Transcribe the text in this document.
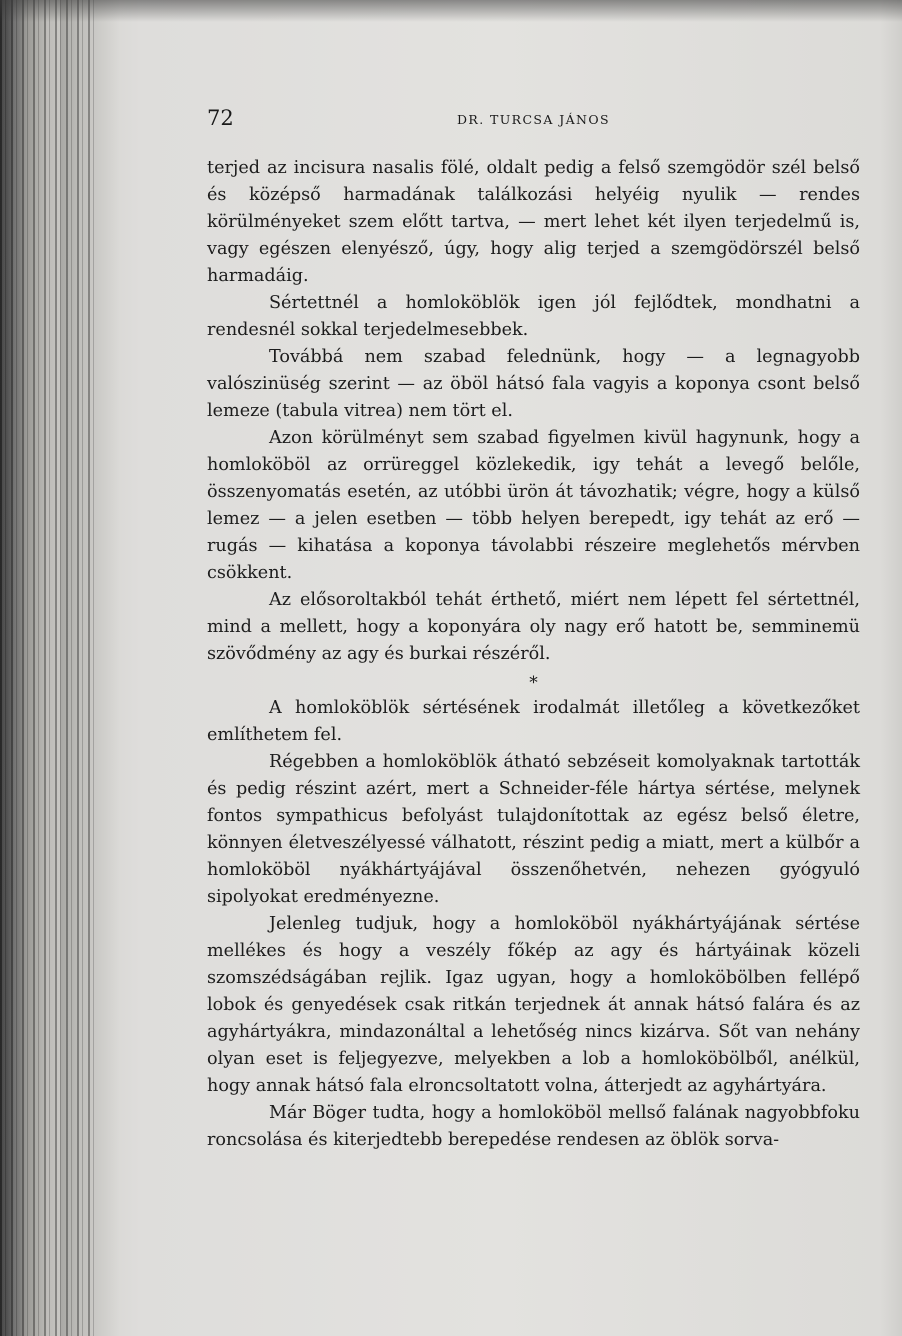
72	DR. TURCSA JÁNOS

terjed az incisura nasalis fölé, oldalt pedig a felső szemgödör szél belső és középső harmadának találkozási helyéig nyulik — rendes körülményeket szem előtt tartva, — mert lehet két ilyen terjedelmű is, vagy egészen elenyésző, úgy, hogy alig terjed a szemgödörszél belső harmadáig.

Sértettnél a homloköblök igen jól fejlődtek, mondhatni a rendesnél sokkal terjedelmesebbek.

Továbbá nem szabad felednünk, hogy — a legnagyobb valószinüség szerint — az öböl hátsó fala vagyis a koponya csont belső lemeze (tabula vitrea) nem tört el.

Azon körülményt sem szabad figyelmen kivül hagynunk, hogy a homloköböl az orrüreggel közlekedik, igy tehát a levegő belőle, összenyomatás esetén, az utóbbi ürön át távozhatik; végre, hogy a külső lemez — a jelen esetben — több helyen berepedt, igy tehát az erő — rugás — kihatása a koponya távolabbi részeire meglehetős mérvben csökkent.

Az elősoroltakból tehát érthető, miért nem lépett fel sértettnél, mind a mellett, hogy a koponyára oly nagy erő hatott be, semminemü szövődmény az agy és burkai részéről.

*

A homloköblök sértésének irodalmát illetőleg a következőket említhetem fel.

Régebben a homloköblök átható sebzéseit komolyaknak tartották és pedig részint azért, mert a Schneider-féle hártya sértése, melynek fontos sympathicus befolyást tulajdonítottak az egész belső életre, könnyen életveszélyessé válhatott, részint pedig a miatt, mert a külbőr a homloköböl nyákhártyájával összenőhetvén, nehezen gyógyuló sipolyokat eredményezne.

Jelenleg tudjuk, hogy a homloköböl nyákhártyájának sértése mellékes és hogy a veszély főkép az agy és hártyáinak közeli szomszédságában rejlik. Igaz ugyan, hogy a homloköbölben fellépő lobok és genyedések csak ritkán terjednek át annak hátsó falára és az agyhártyákra, mindazonáltal a lehetőség nincs kizárva. Sőt van nehány olyan eset is feljegyezve, melyekben a lob a homloköbölből, anélkül, hogy annak hátsó fala elroncsoltatott volna, átterjedt az agyhártyára.

Már Böger tudta, hogy a homloköböl mellső falának nagyobbfoku roncsolása és kiterjedtebb berepedése rendesen az öblök sorva-
